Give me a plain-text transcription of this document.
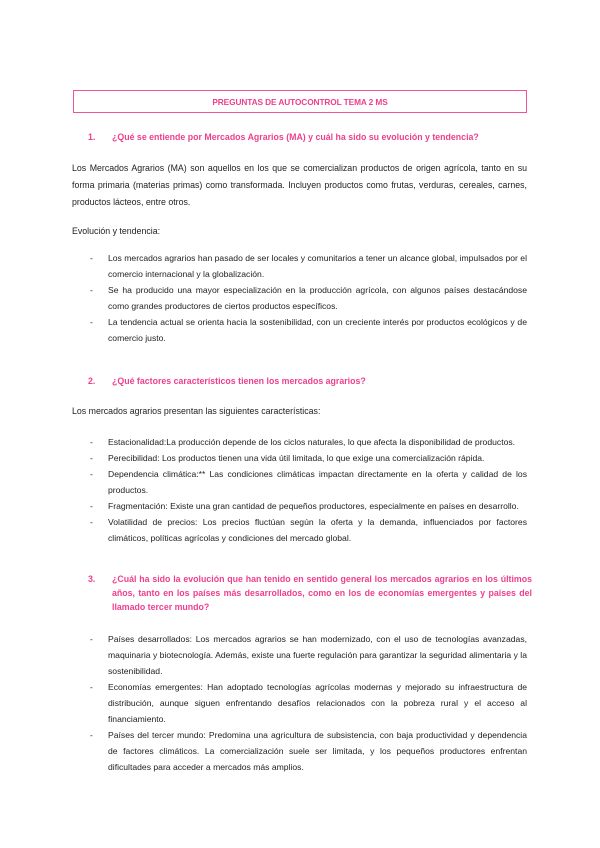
PREGUNTAS DE AUTOCONTROL TEMA 2 MS
1.	¿Qué se entiende por Mercados Agrarios (MA) y cuál ha sido su evolución y tendencia?
Los Mercados Agrarios (MA) son aquellos en los que se comercializan productos de origen agrícola, tanto en su forma primaria (materias primas) como transformada. Incluyen productos como frutas, verduras, cereales, carnes, productos lácteos, entre otros.
Evolución y tendencia:
- Los mercados agrarios han pasado de ser locales y comunitarios a tener un alcance global, impulsados por el comercio internacional y la globalización.
- Se ha producido una mayor especialización en la producción agrícola, con algunos países destacándose como grandes productores de ciertos productos específicos.
- La tendencia actual se orienta hacia la sostenibilidad, con un creciente interés por productos ecológicos y de comercio justo.
2.	¿Qué factores característicos tienen los mercados agrarios?
Los mercados agrarios presentan las siguientes características:
- Estacionalidad:La producción depende de los ciclos naturales, lo que afecta la disponibilidad de productos.
- Perecibilidad: Los productos tienen una vida útil limitada, lo que exige una comercialización rápida.
- Dependencia climática:** Las condiciones climáticas impactan directamente en la oferta y calidad de los productos.
- Fragmentación: Existe una gran cantidad de pequeños productores, especialmente en países en desarrollo.
- Volatilidad de precios: Los precios fluctúan según la oferta y la demanda, influenciados por factores climáticos, políticas agrícolas y condiciones del mercado global.
3.	¿Cuál ha sido la evolución que han tenido en sentido general los mercados agrarios en los últimos años, tanto en los países más desarrollados, como en los de economías emergentes y países del llamado tercer mundo?
- Países desarrollados: Los mercados agrarios se han modernizado, con el uso de tecnologías avanzadas, maquinaria y biotecnología. Además, existe una fuerte regulación para garantizar la seguridad alimentaria y la sostenibilidad.
- Economías emergentes: Han adoptado tecnologías agrícolas modernas y mejorado su infraestructura de distribución, aunque siguen enfrentando desafíos relacionados con la pobreza rural y el acceso al financiamiento.
- Países del tercer mundo: Predomina una agricultura de subsistencia, con baja productividad y dependencia de factores climáticos. La comercialización suele ser limitada, y los pequeños productores enfrentan dificultades para acceder a mercados más amplios.
